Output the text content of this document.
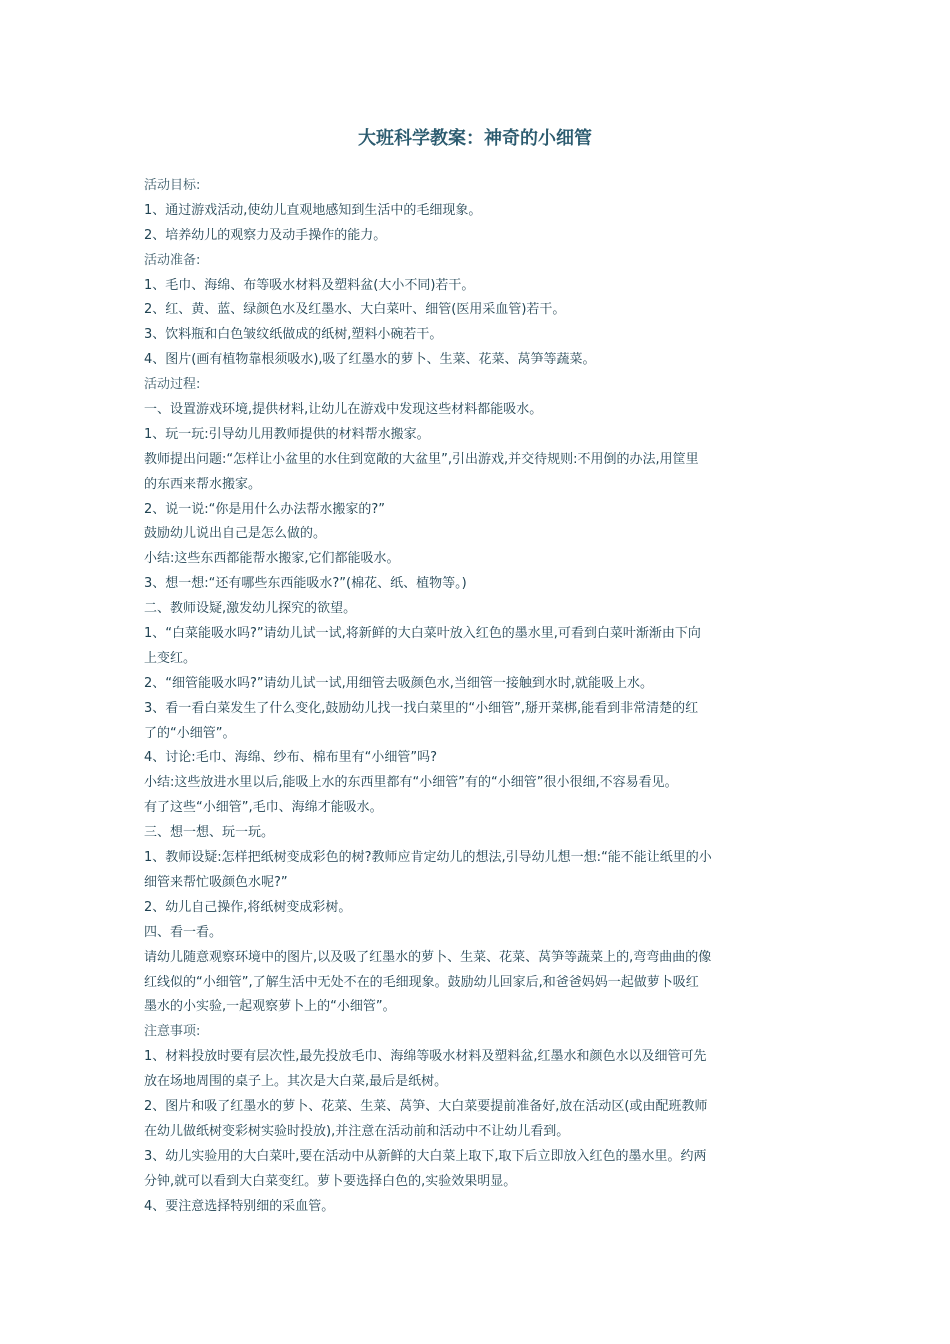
大班科学教案：神奇的小细管
活动目标:
1、通过游戏活动,使幼儿直观地感知到生活中的毛细现象。
2、培养幼儿的观察力及动手操作的能力。
活动准备:
1、毛巾、海绵、布等吸水材料及塑料盆(大小不同)若干。
2、红、黄、蓝、绿颜色水及红墨水、大白菜叶、细管(医用采血管)若干。
3、饮料瓶和白色皱纹纸做成的纸树,塑料小碗若干。
4、图片(画有植物靠根须吸水),吸了红墨水的萝卜、生菜、花菜、莴笋等蔬菜。
活动过程:
一、设置游戏环境,提供材料,让幼儿在游戏中发现这些材料都能吸水。
1、玩一玩:引导幼儿用教师提供的材料帮水搬家。
教师提出问题:“怎样让小盆里的水住到宽敞的大盆里”,引出游戏,并交待规则:不用倒的办法,用筐里
的东西来帮水搬家。
2、说一说:“你是用什么办法帮水搬家的?”
鼓励幼儿说出自己是怎么做的。
小结:这些东西都能帮水搬家,它们都能吸水。
3、想一想:“还有哪些东西能吸水?”(棉花、纸、植物等。)
二、教师设疑,激发幼儿探究的欲望。
1、“白菜能吸水吗?”请幼儿试一试,将新鲜的大白菜叶放入红色的墨水里,可看到白菜叶渐渐由下向
上变红。
2、“细管能吸水吗?”请幼儿试一试,用细管去吸颜色水,当细管一接触到水时,就能吸上水。
3、看一看白菜发生了什么变化,鼓励幼儿找一找白菜里的“小细管”,掰开菜梆,能看到非常清楚的红
了的“小细管”。
4、讨论:毛巾、海绵、纱布、棉布里有“小细管”吗?
小结:这些放进水里以后,能吸上水的东西里都有“小细管”有的“小细管”很小很细,不容易看见。
有了这些“小细管”,毛巾、海绵才能吸水。
三、想一想、玩一玩。
1、教师设疑:怎样把纸树变成彩色的树?教师应肯定幼儿的想法,引导幼儿想一想:“能不能让纸里的小
细管来帮忙吸颜色水呢?”
2、幼儿自己操作,将纸树变成彩树。
四、看一看。
请幼儿随意观察环境中的图片,以及吸了红墨水的萝卜、生菜、花菜、莴笋等蔬菜上的,弯弯曲曲的像
红线似的“小细管”,了解生活中无处不在的毛细现象。鼓励幼儿回家后,和爸爸妈妈一起做萝卜吸红
墨水的小实验,一起观察萝卜上的“小细管”。
注意事项:
1、材料投放时要有层次性,最先投放毛巾、海绵等吸水材料及塑料盆,红墨水和颜色水以及细管可先
放在场地周围的桌子上。其次是大白菜,最后是纸树。
2、图片和吸了红墨水的萝卜、花菜、生菜、莴笋、大白菜要提前准备好,放在活动区(或由配班教师
在幼儿做纸树变彩树实验时投放),并注意在活动前和活动中不让幼儿看到。
3、幼儿实验用的大白菜叶,要在活动中从新鲜的大白菜上取下,取下后立即放入红色的墨水里。约两
分钟,就可以看到大白菜变红。萝卜要选择白色的,实验效果明显。
4、要注意选择特别细的采血管。
